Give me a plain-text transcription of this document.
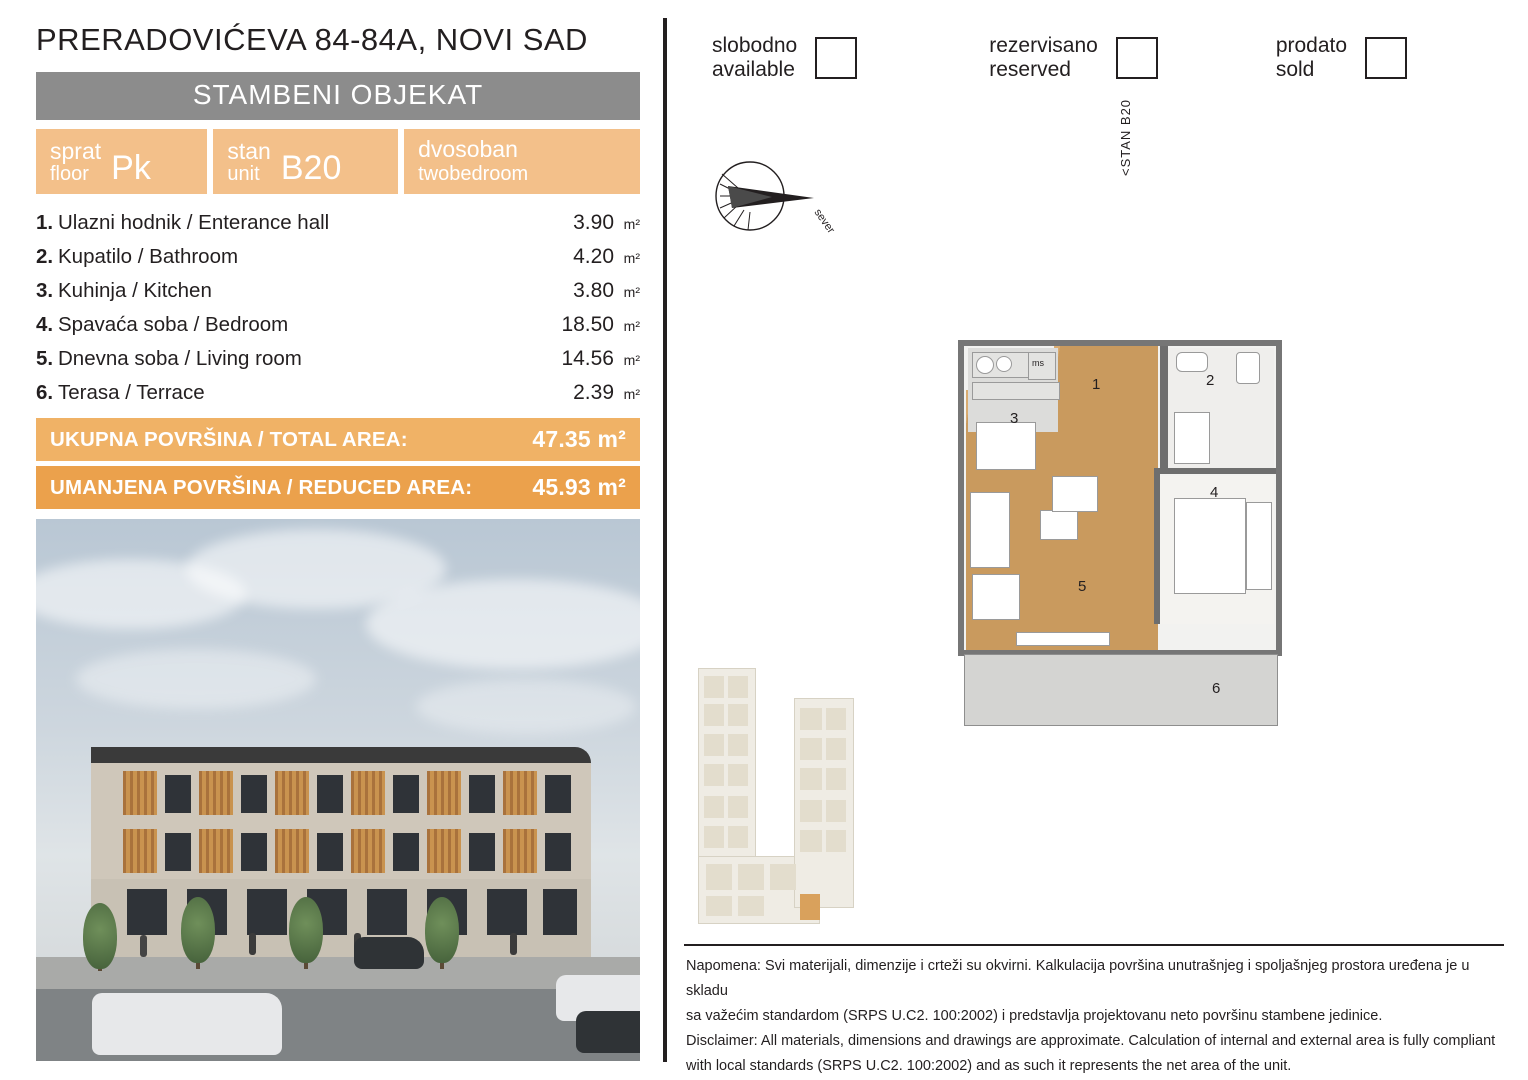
PRERADOVIĆEVA 84-84A, NOVI SAD
STAMBENI OBJEKAT
sprat
floor Pk	stan
unit B20	dvosoban
twobedroom
1. Ulazni hodnik / Enterance hall	3.90 m²
2. Kupatilo / Bathroom	4.20 m²
3. Kuhinja / Kitchen	3.80 m²
4. Spavaća soba / Bedroom	18.50 m²
5. Dnevna soba / Living room	14.56 m²
6. Terasa / Terrace	2.39 m²
UKUPNA POVRŠINA / TOTAL AREA:	47.35 m²
UMANJENA POVRŠINA / REDUCED AREA:	45.93 m²
slobodno
available
rezervisano
reserved
prodato
sold
sever
<STAN B20
ms
1	2
3
4
5
6

Napomena: Svi materijali, dimenzije i crteži su okvirni. Kalkulacija površina unutrašnjeg i spoljašnjeg prostora uređena je u skladu

sa važećim standardom (SRPS U.C2. 100:2002) i predstavlja projektovanu neto površinu stambene jedinice.

Disclaimer: All materials, dimensions and drawings are approximate. Calculation of internal and external area is fully compliant

with local standards (SRPS U.C2. 100:2002) and as such it represents the net area of the unit.
